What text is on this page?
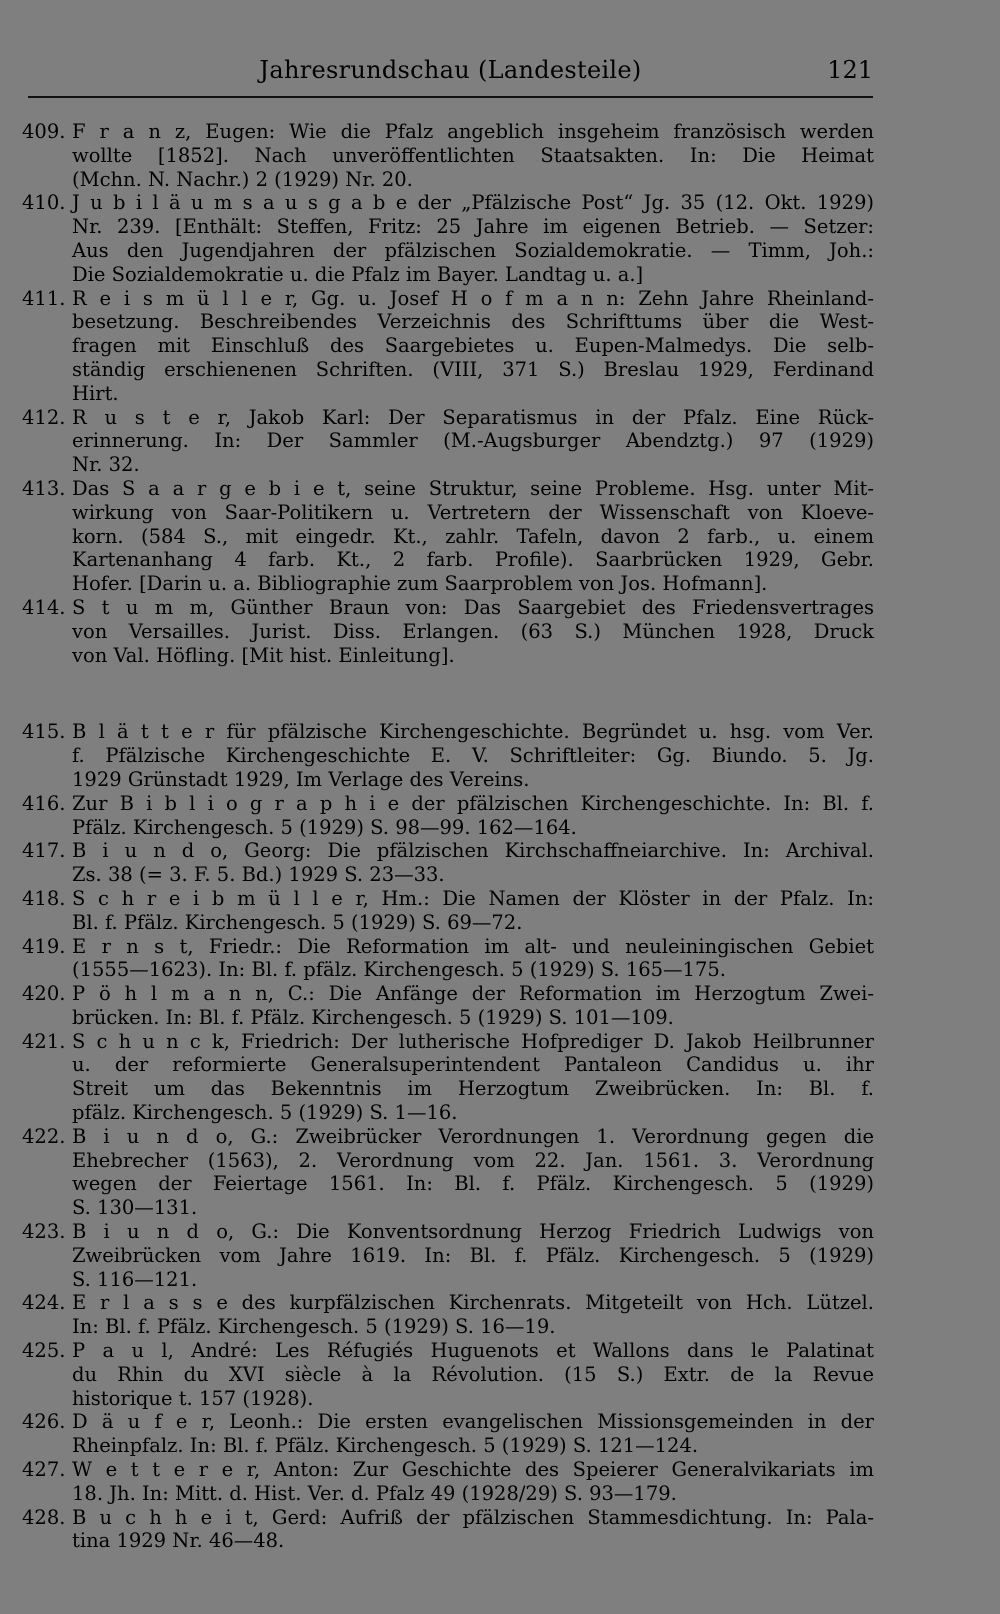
Jahresrundschau (Landesteile)	121
409. F r a n z, Eugen: Wie die Pfalz angeblich insgeheim französisch werden
wollte [1852]. Nach unveröffentlichten Staatsakten. In: Die Heimat
(Mchn. N. Nachr.) 2 (1929) Nr. 20.
410. J u b i l ä u m s a u s g a b e der „Pfälzische Post“ Jg. 35 (12. Okt. 1929)
Nr. 239. [Enthält: Steffen, Fritz: 25 Jahre im eigenen Betrieb. — Setzer:
Aus den Jugendjahren der pfälzischen Sozialdemokratie. — Timm, Joh.:
Die Sozialdemokratie u. die Pfalz im Bayer. Landtag u. a.]
411. R e i s m ü l l e r, Gg. u. Josef H o f m a n n: Zehn Jahre Rheinland-
besetzung. Beschreibendes Verzeichnis des Schrifttums über die West-
fragen mit Einschluß des Saargebietes u. Eupen-Malmedys. Die selb-
ständig erschienenen Schriften. (VIII, 371 S.) Breslau 1929, Ferdinand
Hirt.
412. R u s t e r, Jakob Karl: Der Separatismus in der Pfalz. Eine Rück-
erinnerung. In: Der Sammler (M.-Augsburger Abendztg.) 97 (1929)
Nr. 32.
413. Das S a a r g e b i e t, seine Struktur, seine Probleme. Hsg. unter Mit-
wirkung von Saar-Politikern u. Vertretern der Wissenschaft von Kloeve-
korn. (584 S., mit eingedr. Kt., zahlr. Tafeln, davon 2 farb., u. einem
Kartenanhang 4 farb. Kt., 2 farb. Profile). Saarbrücken 1929, Gebr.
Hofer. [Darin u. a. Bibliographie zum Saarproblem von Jos. Hofmann].
414. S t u m m, Günther Braun von: Das Saargebiet des Friedensvertrages
von Versailles. Jurist. Diss. Erlangen. (63 S.) München 1928, Druck
von Val. Höfling. [Mit hist. Einleitung].
415. B l ä t t e r für pfälzische Kirchengeschichte. Begründet u. hsg. vom Ver.
f. Pfälzische Kirchengeschichte E. V. Schriftleiter: Gg. Biundo. 5. Jg.
1929 Grünstadt 1929, Im Verlage des Vereins.
416. Zur B i b l i o g r a p h i e der pfälzischen Kirchengeschichte. In: Bl. f.
Pfälz. Kirchengesch. 5 (1929) S. 98—99. 162—164.
417. B i u n d o, Georg: Die pfälzischen Kirchschaffneiarchive. In: Archival.
Zs. 38 (= 3. F. 5. Bd.) 1929 S. 23—33.
418. S c h r e i b m ü l l e r, Hm.: Die Namen der Klöster in der Pfalz. In:
Bl. f. Pfälz. Kirchengesch. 5 (1929) S. 69—72.
419. E r n s t, Friedr.: Die Reformation im alt- und neuleiningischen Gebiet
(1555—1623). In: Bl. f. pfälz. Kirchengesch. 5 (1929) S. 165—175.
420. P ö h l m a n n, C.: Die Anfänge der Reformation im Herzogtum Zwei-
brücken. In: Bl. f. Pfälz. Kirchengesch. 5 (1929) S. 101—109.
421. S c h u n c k, Friedrich: Der lutherische Hofprediger D. Jakob Heilbrunner
u. der reformierte Generalsuperintendent Pantaleon Candidus u. ihr
Streit um das Bekenntnis im Herzogtum Zweibrücken. In: Bl. f.
pfälz. Kirchengesch. 5 (1929) S. 1—16.
422. B i u n d o, G.: Zweibrücker Verordnungen 1. Verordnung gegen die
Ehebrecher (1563), 2. Verordnung vom 22. Jan. 1561. 3. Verordnung
wegen der Feiertage 1561. In: Bl. f. Pfälz. Kirchengesch. 5 (1929)
S. 130—131.
423. B i u n d o, G.: Die Konventsordnung Herzog Friedrich Ludwigs von
Zweibrücken vom Jahre 1619. In: Bl. f. Pfälz. Kirchengesch. 5 (1929)
S. 116—121.
424. E r l a s s e des kurpfälzischen Kirchenrats. Mitgeteilt von Hch. Lützel.
In: Bl. f. Pfälz. Kirchengesch. 5 (1929) S. 16—19.
425. P a u l, André: Les Réfugiés Huguenots et Wallons dans le Palatinat
du Rhin du XVI siècle à la Révolution. (15 S.) Extr. de la Revue
historique t. 157 (1928).
426. D ä u f e r, Leonh.: Die ersten evangelischen Missionsgemeinden in der
Rheinpfalz. In: Bl. f. Pfälz. Kirchengesch. 5 (1929) S. 121—124.
427. W e t t e r e r, Anton: Zur Geschichte des Speierer Generalvikariats im
18. Jh. In: Mitt. d. Hist. Ver. d. Pfalz 49 (1928/29) S. 93—179.
428. B u c h h e i t, Gerd: Aufriß der pfälzischen Stammesdichtung. In: Pala-
tina 1929 Nr. 46—48.
